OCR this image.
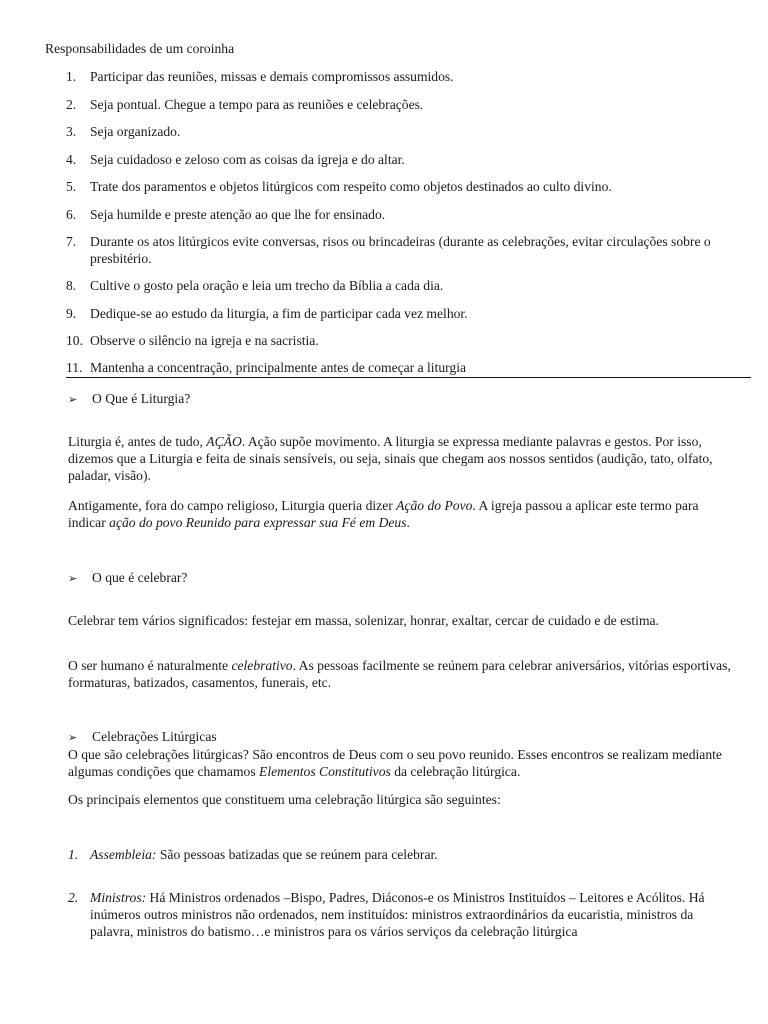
Responsabilidades de um coroinha
1.	Participar das reuniões, missas e demais compromissos assumidos.
2.	Seja pontual. Chegue a tempo para as reuniões e celebrações.
3.	Seja organizado.
4.	Seja cuidadoso e zeloso com as coisas da igreja e do altar.
5.	Trate dos paramentos e objetos litúrgicos com respeito como objetos destinados ao culto divino.
6.	Seja humilde e preste atenção ao que lhe for ensinado.
7.	Durante os atos litúrgicos evite conversas, risos ou brincadeiras (durante as celebrações, evitar circulações sobre o presbitério.
8.	Cultive o gosto pela oração e leia um trecho da Bíblia a cada dia.
9.	Dedique-se ao estudo da liturgia, a fim de participar cada vez melhor.
10. Observe o silêncio na igreja e na sacristia.
11. Mantenha a concentração, principalmente antes de começar a liturgia
➢ O Que é Liturgia?
Liturgia é, antes de tudo, AÇÃO. Ação supõe movimento. A liturgia se expressa mediante palavras e gestos. Por isso, dizemos que a Liturgia e feita de sinais sensíveis, ou seja, sinais que chegam aos nossos sentidos (audição, tato, olfato, paladar, visão).
Antigamente, fora do campo religioso, Liturgia queria dizer Ação do Povo. A igreja passou a aplicar este termo para indicar ação do povo Reunido para expressar sua Fé em Deus.
➢ O que é celebrar?
Celebrar tem vários significados: festejar em massa, solenizar, honrar, exaltar, cercar de cuidado e de estima.
O ser humano é naturalmente celebrativo. As pessoas facilmente se reúnem para celebrar aniversários, vitórias esportivas, formaturas, batizados, casamentos, funerais, etc.
➢ Celebrações Litúrgicas
O que são celebrações litúrgicas? São encontros de Deus com o seu povo reunido. Esses encontros se realizam mediante algumas condições que chamamos Elementos Constitutivos da celebração litúrgica.
Os principais elementos que constituem uma celebração litúrgica são seguintes:
1. Assembleia: São pessoas batizadas que se reúnem para celebrar.
2. Ministros: Há Ministros ordenados –Bispo, Padres, Diáconos-e os Ministros Instituídos – Leitores e Acólitos. Há inúmeros outros ministros não ordenados, nem instituídos: ministros extraordinários da eucaristia, ministros da palavra, ministros do batismo…e ministros para os vários serviços da celebração litúrgica
